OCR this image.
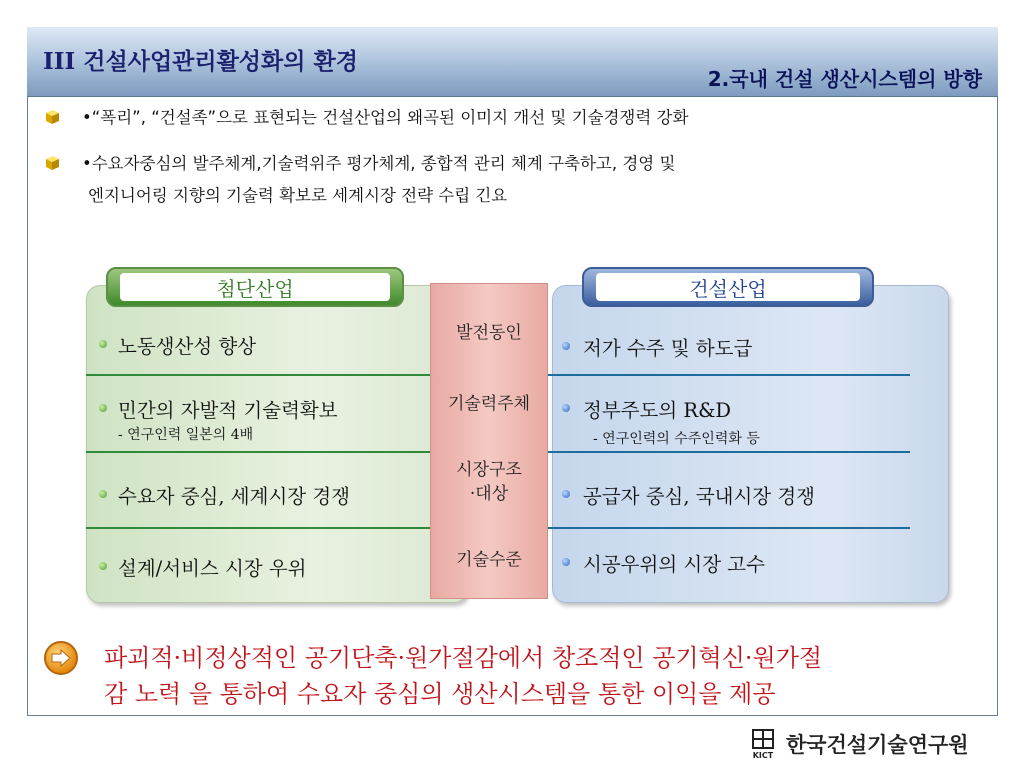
III 건설사업관리활성화의 환경
2.국내 건설 생산시스템의 방향
•“폭리”, “건설족”으로 표현되는 건설산업의 왜곡된 이미지 개선 및 기술경쟁력 강화
•수요자중심의 발주체계,기술력위주 평가체계, 종합적 관리 체계 구축하고, 경영 및
엔지니어링 지향의 기술력 확보로 세계시장 전략 수립 긴요
첨단산업	건설산업
발전동인
기술력주체
시장구조
·대상
기술수준
노동생산성 향상
민간의 자발적 기술력확보
- 연구인력 일본의 4배
수요자 중심, 세계시장 경쟁
설계/서비스 시장 우위
저가 수주 및 하도급
정부주도의 R&D
- 연구인력의 수주인력화 등
공급자 중심, 국내시장 경쟁
시공우위의 시장 고수
파괴적·비정상적인 공기단축·원가절감에서 창조적인 공기혁신·원가절
감 노력 을 통하여 수요자 중심의 생산시스템을 통한 이익을 제공
KICT 한국건설기술연구원
